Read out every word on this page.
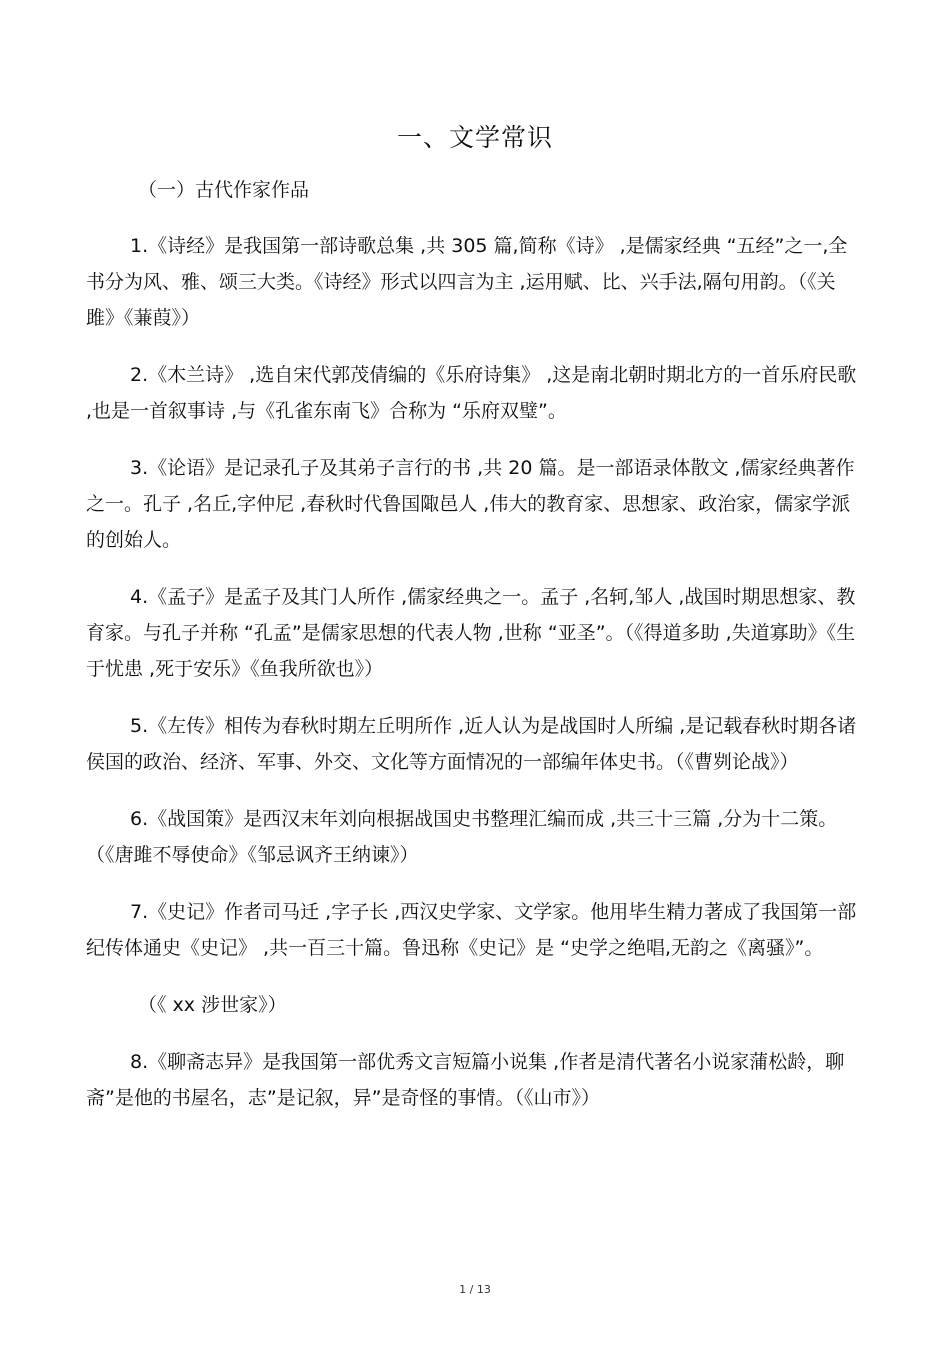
一、文学常识
（一）古代作家作品

1.《诗经》是我国第一部诗歌总集 ,共 305 篇,简称《诗》 ,是儒家经典 “五经”之一,全书分为风、雅、颂三大类。《诗经》形式以四言为主 ,运用赋、比、兴手法,隔句用韵。（《关雎》《蒹葭》）

2.《木兰诗》 ,选自宋代郭茂倩编的《乐府诗集》 ,这是南北朝时期北方的一首乐府民歌 ,也是一首叙事诗 ,与《孔雀东南飞》合称为 “乐府双璧”。

3.《论语》是记录孔子及其弟子言行的书 ,共 20 篇。是一部语录体散文 ,儒家经典著作之一。孔子 ,名丘,字仲尼 ,春秋时代鲁国陬邑人 ,伟大的教育家、思想家、政治家，儒家学派的创始人。

4.《孟子》是孟子及其门人所作 ,儒家经典之一。孟子 ,名轲,邹人 ,战国时期思想家、教育家。与孔子并称 “孔孟”是儒家思想的代表人物 ,世称 “亚圣”。（《得道多助 ,失道寡助》《生于忧患 ,死于安乐》《鱼我所欲也》）

5.《左传》相传为春秋时期左丘明所作 ,近人认为是战国时人所编 ,是记载春秋时期各诸侯国的政治、经济、军事、外交、文化等方面情况的一部编年体史书。（《曹刿论战》）

6.《战国策》是西汉末年刘向根据战国史书整理汇编而成 ,共三十三篇 ,分为十二策。（《唐雎不辱使命》《邹忌讽齐王纳谏》）

7.《史记》作者司马迁 ,字子长 ,西汉史学家、文学家。他用毕生精力著成了我国第一部纪传体通史《史记》 ,共一百三十篇。鲁迅称《史记》是 “史学之绝唱,无韵之《离骚》”。

（《 xx 涉世家》）

8.《聊斋志异》是我国第一部优秀文言短篇小说集 ,作者是清代著名小说家蒲松龄，聊斋”是他的书屋名，志”是记叙，异”是奇怪的事情。（《山市》）

1 / 13
